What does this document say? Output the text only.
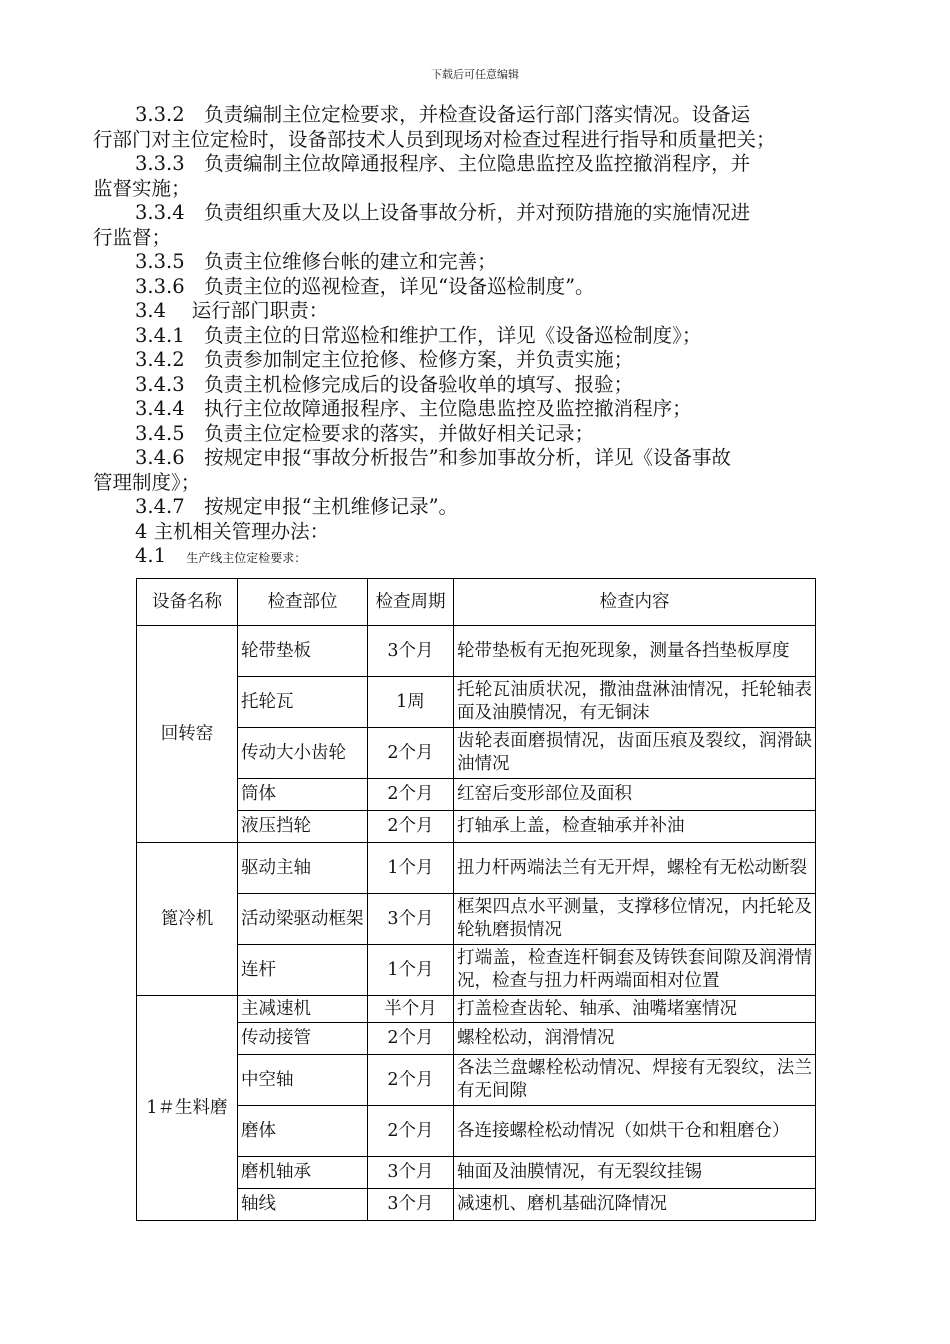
下载后可任意编辑

3.3.2　负责编制主位定检要求，并检查设备运行部门落实情况。设备运

行部门对主位定检时，设备部技术人员到现场对检查过程进行指导和质量把关；

3.3.3　负责编制主位故障通报程序、主位隐患监控及监控撤消程序，并

监督实施；

3.3.4　负责组织重大及以上设备事故分析，并对预防措施的实施情况进

行监督；

3.3.5　负责主位维修台帐的建立和完善；

3.3.6　负责主位的巡视检查，详见“设备巡检制度”。

3.4　 运行部门职责：

3.4.1　负责主位的日常巡检和维护工作，详见《设备巡检制度》；

3.4.2　负责参加制定主位抢修、检修方案，并负责实施；

3.4.3　负责主机检修完成后的设备验收单的填写、报验；

3.4.4　执行主位故障通报程序、主位隐患监控及监控撤消程序；

3.4.5　负责主位定检要求的落实，并做好相关记录；

3.4.6　按规定申报“事故分析报告”和参加事故分析，详见《设备事故

管理制度》；

3.4.7　按规定申报“主机维修记录”。

4 主机相关管理办法：

4.1 生产线主位定检要求：

设备名称	检查部位	检查周期	检查内容
回转窑	轮带垫板	3个月	轮带垫板有无抱死现象，测量各挡垫板厚度
	托轮瓦	1周	托轮瓦油质状况，撒油盘淋油情况，托轮轴表面及油膜情况，有无铜沫
	传动大小齿轮	2个月	齿轮表面磨损情况，齿面压痕及裂纹，润滑缺油情况
	筒体	2个月	红窑后变形部位及面积
	液压挡轮	2个月	打轴承上盖，检查轴承并补油
篦冷机	驱动主轴	1个月	扭力杆两端法兰有无开焊，螺栓有无松动断裂
	活动梁驱动框架	3个月	框架四点水平测量，支撑移位情况，内托轮及轮轨磨损情况
	连杆	1个月	打端盖，检查连杆铜套及铸铁套间隙及润滑情况，检查与扭力杆两端面相对位置
1＃生料磨	主减速机	半个月	打盖检查齿轮、轴承、油嘴堵塞情况
	传动接管	2个月	螺栓松动，润滑情况
	中空轴	2个月	各法兰盘螺栓松动情况、焊接有无裂纹，法兰有无间隙
	磨体	2个月	各连接螺栓松动情况（如烘干仓和粗磨仓）
	磨机轴承	3个月	轴面及油膜情况，有无裂纹挂锡
	轴线	3个月	减速机、磨机基础沉降情况
